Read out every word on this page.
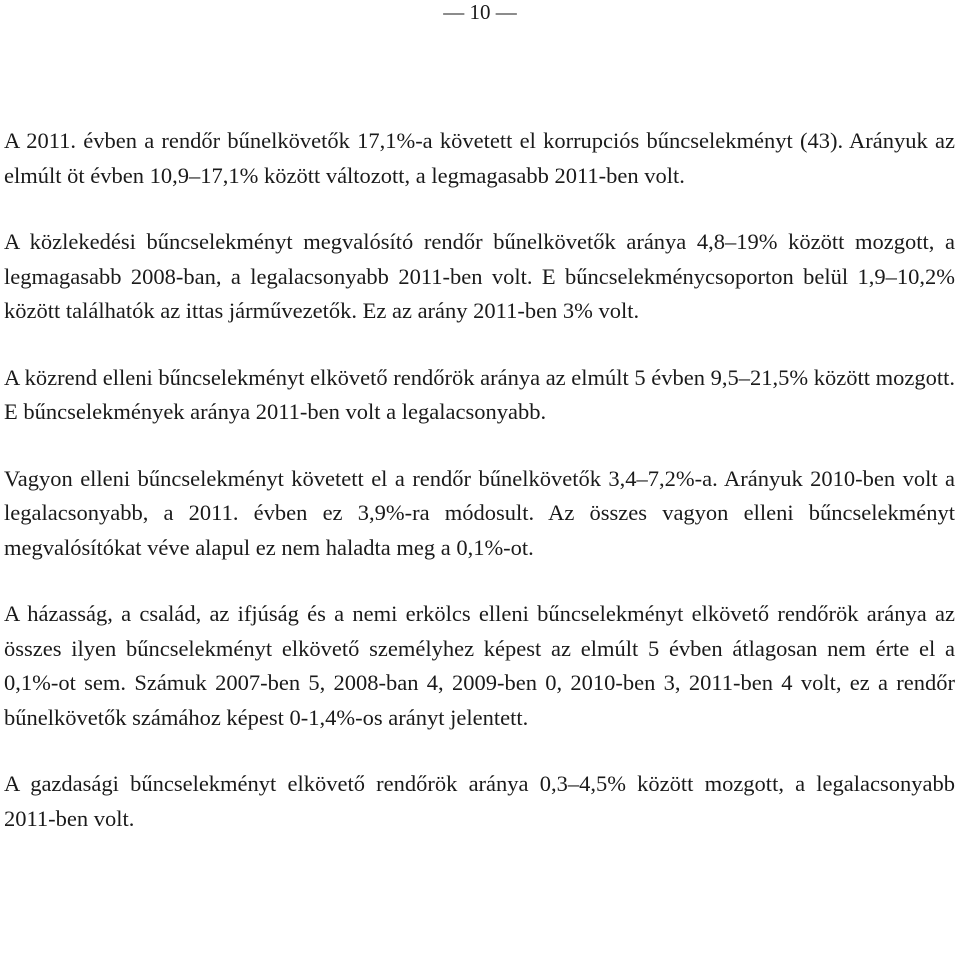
— 10 —

A 2011. évben a rendőr bűnelkövetők 17,1%-a követett el korrupciós bűncselekményt (43). Arányuk az elmúlt öt évben 10,9–17,1% között változott, a legmagasabb 2011-ben volt.

A közlekedési bűncselekményt megvalósító rendőr bűnelkövetők aránya 4,8–19% között mozgott, a legmagasabb 2008-ban, a legalacsonyabb 2011-ben volt. E bűncselekménycsoporton belül 1,9–10,2% között találhatók az ittas járművezetők. Ez az arány 2011-ben 3% volt.

A közrend elleni bűncselekményt elkövető rendőrök aránya az elmúlt 5 évben 9,5–21,5% között mozgott. E bűncselekmények aránya 2011-ben volt a legalacsonyabb.

Vagyon elleni bűncselekményt követett el a rendőr bűnelkövetők 3,4–7,2%-a. Arányuk 2010-ben volt a legalacsonyabb, a 2011. évben ez 3,9%-ra módosult. Az összes vagyon elleni bűncselekményt megvalósítókat véve alapul ez nem haladta meg a 0,1%-ot.

A házasság, a család, az ifjúság és a nemi erkölcs elleni bűncselekményt elkövető rendőrök aránya az összes ilyen bűncselekményt elkövető személyhez képest az elmúlt 5 évben átlagosan nem érte el a 0,1%-ot sem. Számuk 2007-ben 5, 2008-ban 4, 2009-ben 0, 2010-ben 3, 2011-ben 4 volt, ez a rendőr bűnelkövetők számához képest 0-1,4%-os arányt jelentett.

A gazdasági bűncselekményt elkövető rendőrök aránya 0,3–4,5% között mozgott, a legalacsonyabb 2011-ben volt.
